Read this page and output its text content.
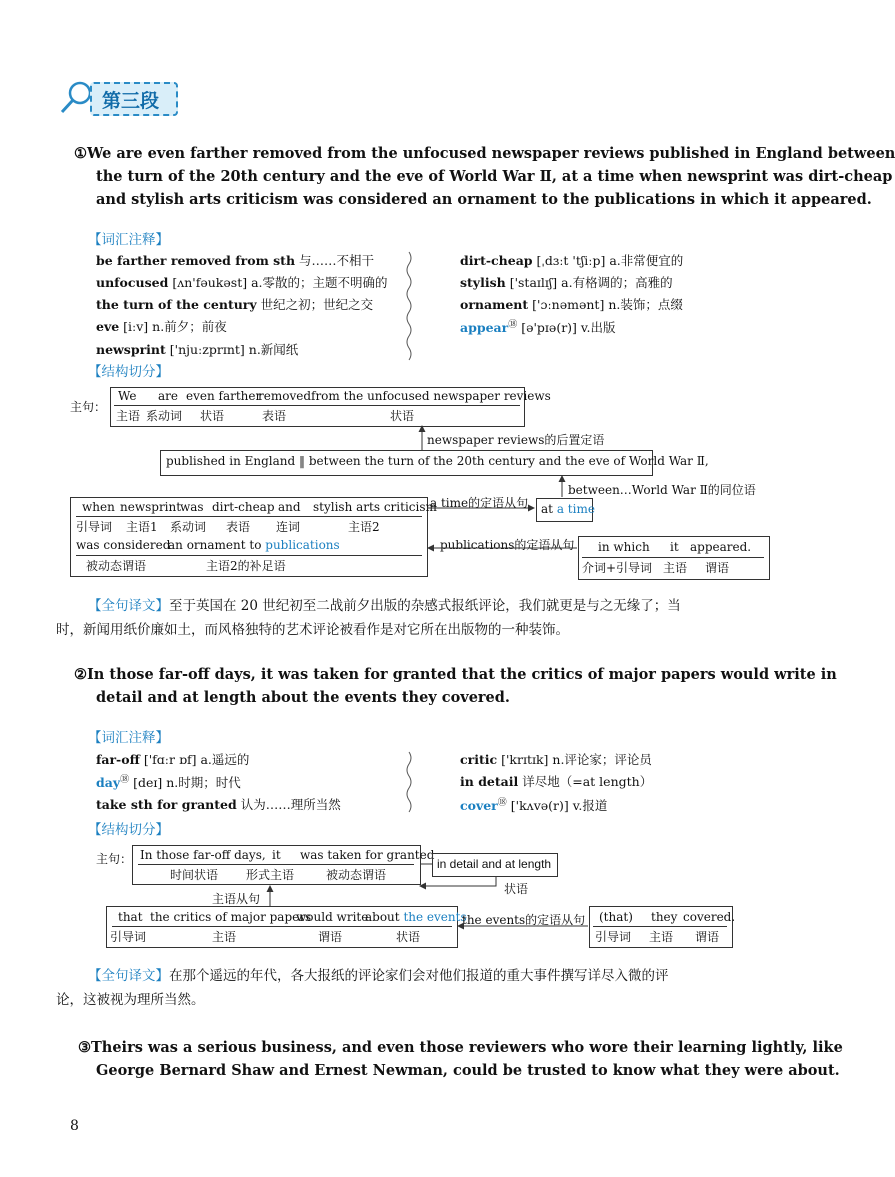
第三段
①We are even farther removed from the unfocused newspaper reviews published in England between
the turn of the 20th century and the eve of World War Ⅱ, at a time when newsprint was dirt-cheap
and stylish arts criticism was considered an ornament to the publications in which it appeared.
【词汇注释】
be farther removed from sth 与……不相干
unfocused [ʌn'fəukəst] a.零散的；主题不明确的
the turn of the century 世纪之初；世纪之交
eve [iːv] n.前夕；前夜
newsprint ['njuːzprɪnt] n.新闻纸
dirt-cheap [ˌdɜːt 'tʃiːp] a.非常便宜的
stylish ['staɪlɪʃ] a.有格调的；高雅的
ornament ['ɔːnəmənt] n.装饰；点缀
appear⑱ [ə'pɪə(r)] v.出版
【结构切分】
主句：
We are even farther
removed from the unfocused newspaper reviews
主语 系动词 状语	表语	状语
newspaper reviews的后置定语
published in England ‖ between the turn of the 20th century and the eve of World War Ⅱ,
between…World War Ⅱ的同位语
when newsprint
was dirt-cheap and stylish arts criticism
引导词 主语1 系动词 表语 连词	主语2
was considered
an ornament to publications
被动态谓语	主语2的补足语
a time的定语从句 at a time
publications的定语从句 in which it appeared.
介词+引导词 主语 谓语
【全句译文】至于英国在 20 世纪初至二战前夕出版的杂感式报纸评论，我们就更是与之无缘了；当
时，新闻用纸价廉如土，而风格独特的艺术评论被看作是对它所在出版物的一种装饰。
②In those far-off days, it was taken for granted that the critics of major papers would write in
detail and at length about the events they covered.
【词汇注释】
far-off ['fɑːr ɒf] a.遥远的
day⑱ [deɪ] n.时期；时代
take sth for granted 认为……理所当然
critic ['krɪtɪk] n.评论家；评论员
in detail 详尽地（=at length）
cover⑱ ['kʌvə(r)] v.报道
【结构切分】
主句： In those far-off days, it was taken for granted
时间状语 形式主语	被动态谓语
in detail and at length
状语
主语从句
that the critics of major papers
would write
about the events
引导词	主语	谓语	状语
the events的定语从句 (that) they covered.
引导词 主语 谓语
【全句译文】在那个遥远的年代，各大报纸的评论家们会对他们报道的重大事件撰写详尽入微的评
论，这被视为理所当然。
③Theirs was a serious business, and even those reviewers who wore their learning lightly, like
George Bernard Shaw and Ernest Newman, could be trusted to know what they were about.
8
